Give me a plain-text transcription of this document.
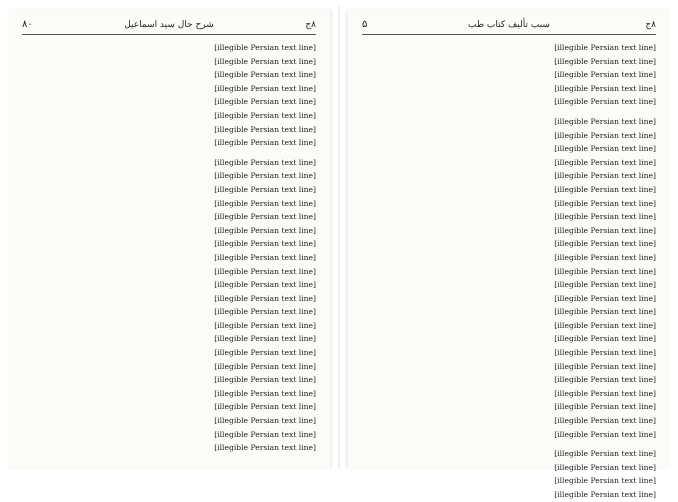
۸ج
شرح حال سید اسماعیل
۸۰
[illegible Persian text line]
[illegible Persian text line]
[illegible Persian text line]
[illegible Persian text line]
[illegible Persian text line]
[illegible Persian text line]
[illegible Persian text line]
[illegible Persian text line]
[illegible Persian text line]
[illegible Persian text line]
[illegible Persian text line]
[illegible Persian text line]
[illegible Persian text line]
[illegible Persian text line]
[illegible Persian text line]
[illegible Persian text line]
[illegible Persian text line]
[illegible Persian text line]
[illegible Persian text line]
[illegible Persian text line]
[illegible Persian text line]
[illegible Persian text line]
[illegible Persian text line]
[illegible Persian text line]
[illegible Persian text line]
[illegible Persian text line]
[illegible Persian text line]
[illegible Persian text line]
[illegible Persian text line]
[illegible Persian text line]
۸ج
سبب تألیف کتاب طب
۵
[illegible Persian text line]
[illegible Persian text line]
[illegible Persian text line]
[illegible Persian text line]
[illegible Persian text line]
[illegible Persian text line]
[illegible Persian text line]
[illegible Persian text line]
[illegible Persian text line]
[illegible Persian text line]
[illegible Persian text line]
[illegible Persian text line]
[illegible Persian text line]
[illegible Persian text line]
[illegible Persian text line]
[illegible Persian text line]
[illegible Persian text line]
[illegible Persian text line]
[illegible Persian text line]
[illegible Persian text line]
[illegible Persian text line]
[illegible Persian text line]
[illegible Persian text line]
[illegible Persian text line]
[illegible Persian text line]
[illegible Persian text line]
[illegible Persian text line]
[illegible Persian text line]
[illegible Persian text line]
[illegible Persian text line]
[illegible Persian text line]
[illegible Persian text line]
[illegible Persian text line]
